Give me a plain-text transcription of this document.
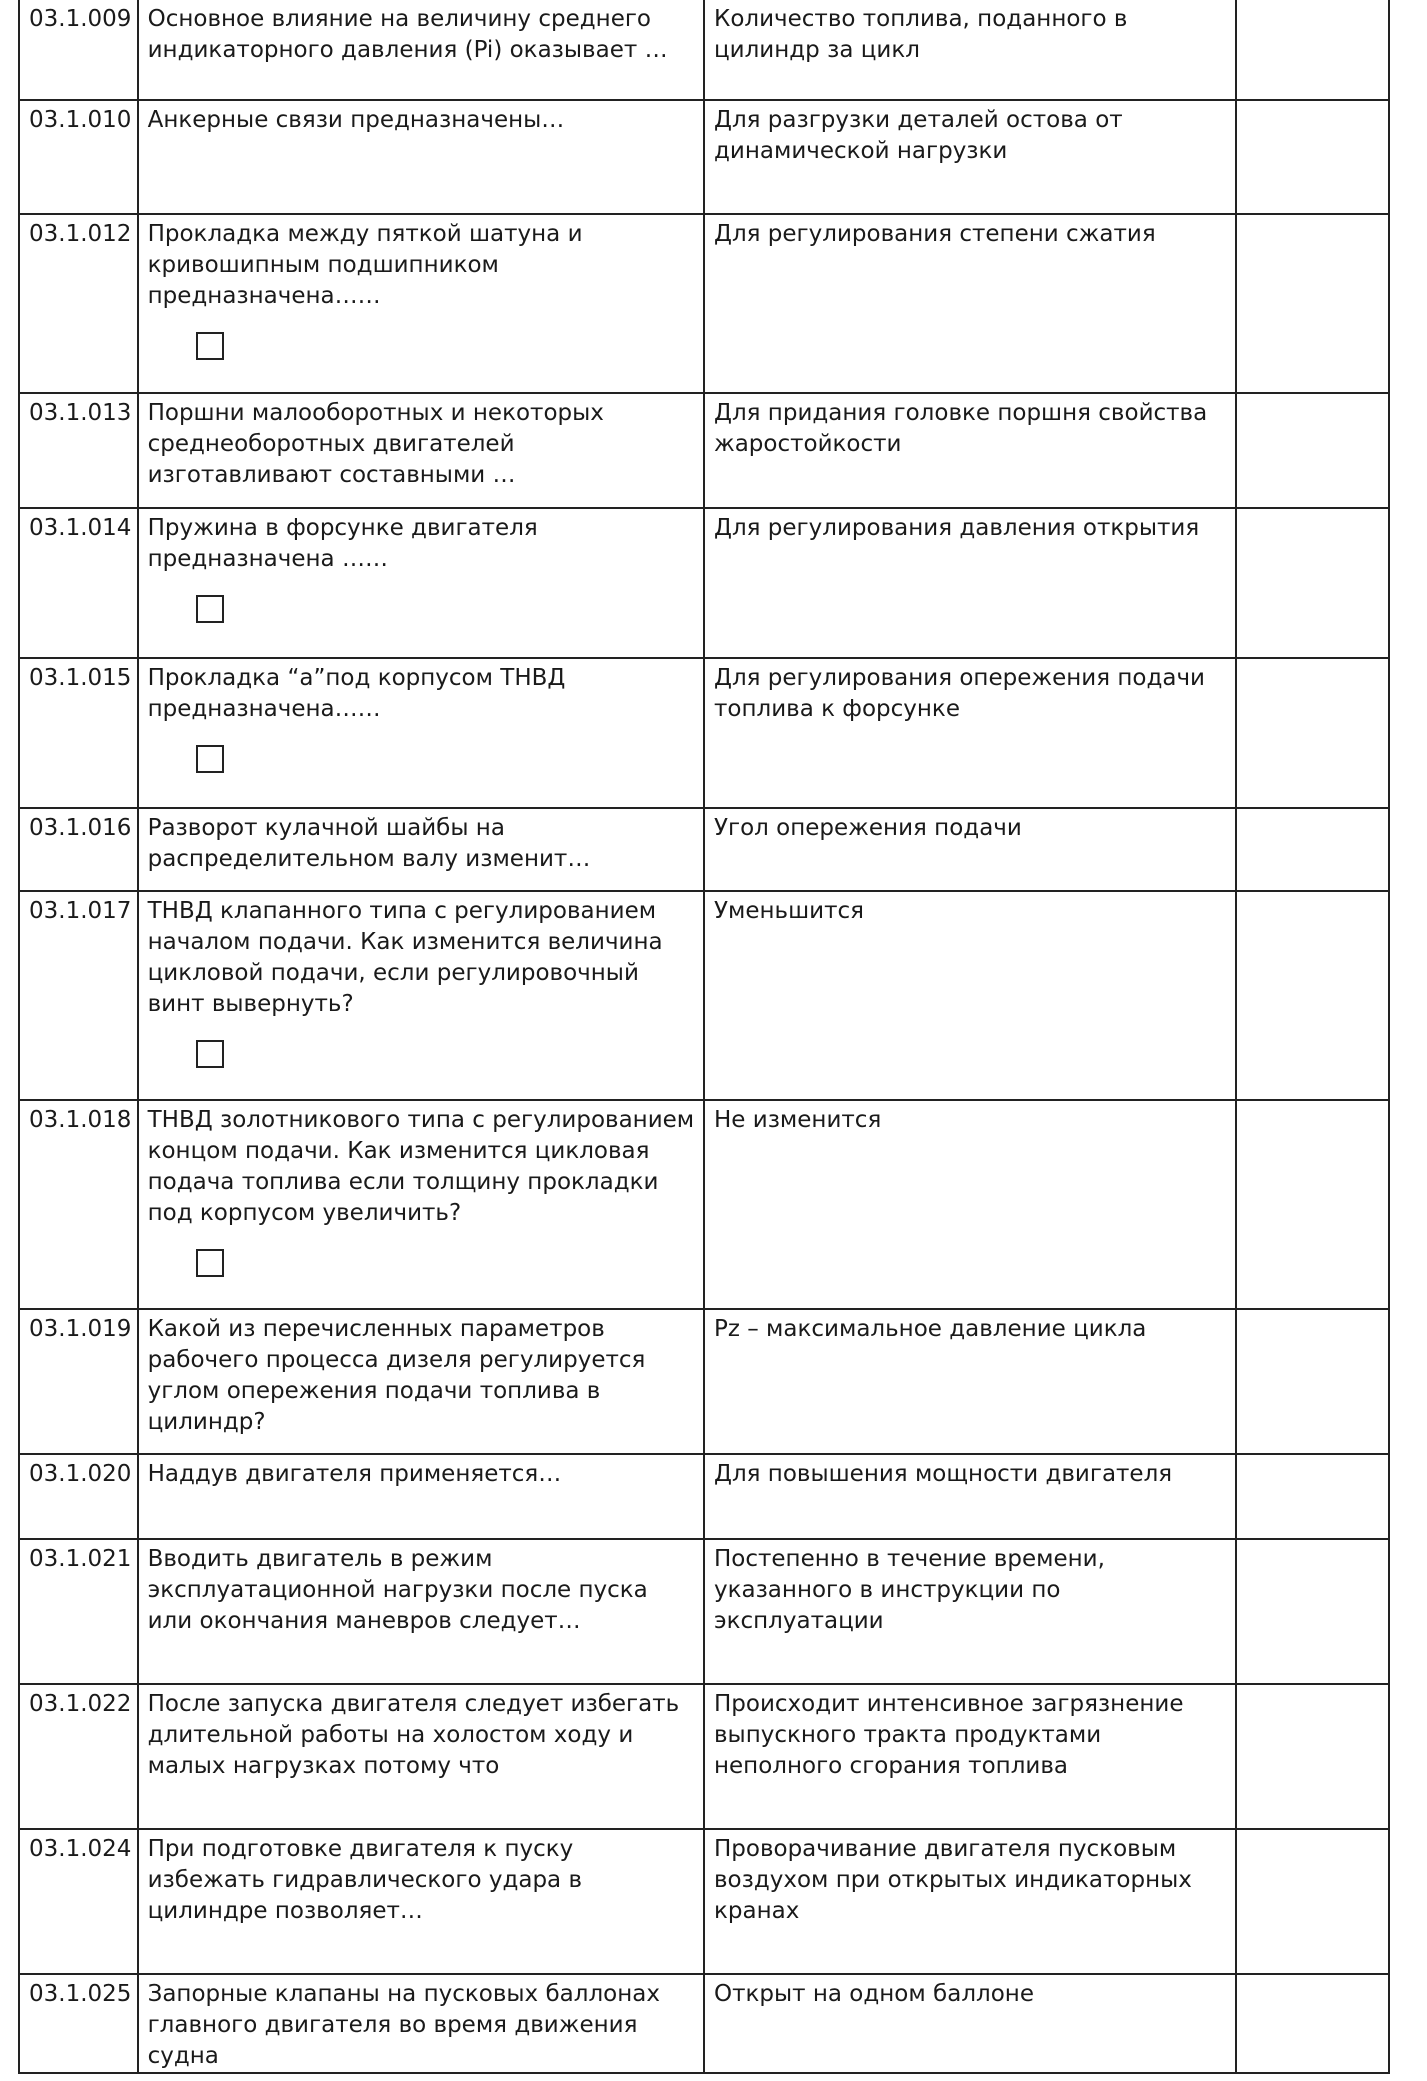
03.1.009	Основное влияние на величину среднего индикаторного давления (Pi) оказывает …	Количество топлива, поданного в цилиндр за цикл	
03.1.010	Анкерные связи предназначены…	Для разгрузки деталей остова от динамической нагрузки	
03.1.012	Прокладка между пяткой шатуна и кривошипным подшипником предназначена……	Для регулирования степени сжатия	
03.1.013	Поршни малооборотных и некоторых среднеоборотных двигателей изготавливают составными …	Для придания головке поршня свойства жаростойкости	
03.1.014	Пружина в форсунке двигателя предназначена ……	Для регулирования давления открытия	
03.1.015	Прокладка “а”под корпусом ТНВД предназначена……	Для регулирования опережения подачи топлива к форсунке	
03.1.016	Разворот кулачной шайбы на распределительном валу изменит…	Угол опережения подачи	
03.1.017	ТНВД клапанного типа с регулированием началом подачи. Как изменится величина цикловой подачи, если регулировочный винт вывернуть?	Уменьшится	
03.1.018	ТНВД золотникового типа с регулированием концом подачи. Как изменится цикловая подача топлива если толщину прокладки под корпусом увеличить?	Не изменится	
03.1.019	Какой из перечисленных параметров рабочего процесса дизеля регулируется углом опережения подачи топлива в цилиндр?	Pz – максимальное давление цикла	
03.1.020	Наддув двигателя применяется…	Для повышения мощности двигателя	
03.1.021	Вводить двигатель в режим эксплуатационной нагрузки после пуска или окончания маневров следует…	Постепенно в течение времени, указанного в инструкции по эксплуатации	
03.1.022	После запуска двигателя следует избегать длительной работы на холостом ходу и малых нагрузках потому что	Происходит интенсивное загрязнение выпускного тракта продуктами неполного сгорания топлива	
03.1.024	При подготовке двигателя к пуску избежать гидравлического удара в цилиндре позволяет…	Проворачивание двигателя пусковым воздухом при открытых индикаторных кранах	
03.1.025	Запорные клапаны на пусковых баллонах главного двигателя во время движения судна	Открыт на одном баллоне	
